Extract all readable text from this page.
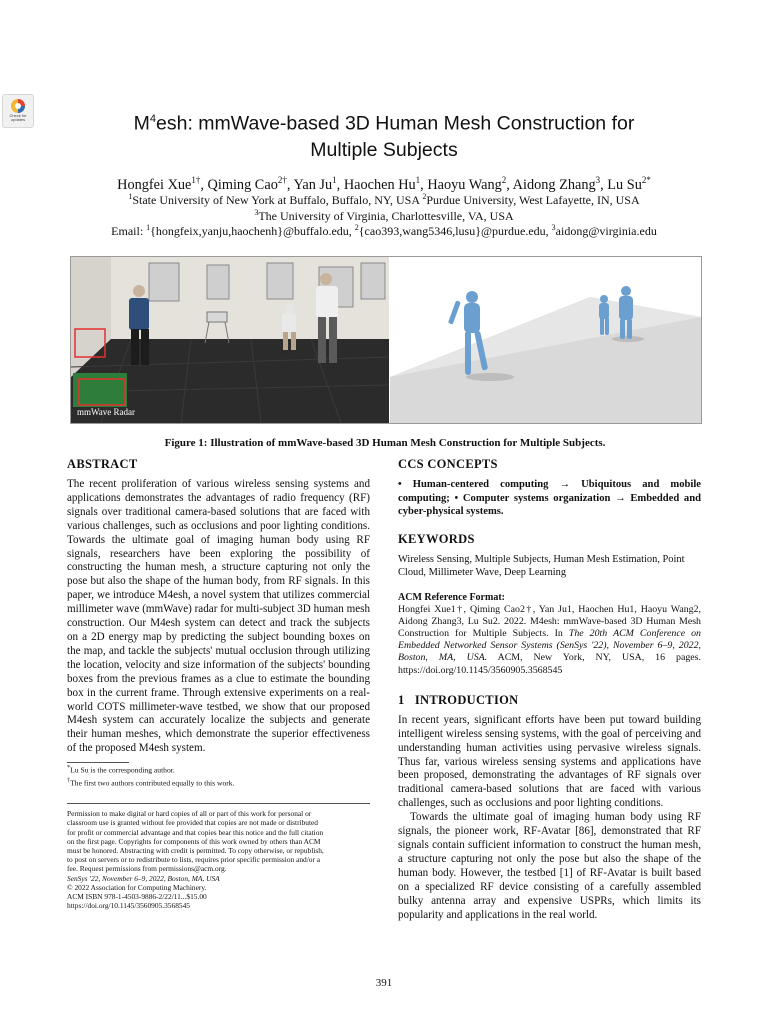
Check for
updates	$M^4esh$: mmWave-based 3D Human Mesh Construction for
Multiple Subjects
Hongfei Xue$^{1\dagger}$, Qiming Cao$^{2\dagger}$, Yan Ju$^1$, Haochen Hu$^1$, Haoyu Wang$^2$, Aidong Zhang$^3$, Lu $Su^{2*}$
$^1$State University of New York at Buffalo, Buffalo, NY, USA $^2$Purdue University, West Lafayette, IN, USA
$^3$The University of Virginia, Charlottesville, VA, USA
Email: $^1${hongfeix,yanju,haochenh}@buffalo.edu, $^2${cao393,wang5346,lusu}@purdue.edu, $^3$aidong@virginia.edu
mmWave Radar
Figure 1: Illustration of mmWave-based 3D Human Mesh Construction for Multiple Subjects.
ABSTRACT

The recent proliferation of various wireless sensing systems and applications demonstrates the advantages of radio frequency (RF) signals over traditional camera-based solutions that are faced with various challenges, such as occlusions and poor lighting conditions. Towards the ultimate goal of imaging human body using RF signals, researchers have been exploring the possibility of constructing the human mesh, a structure capturing not only the pose but also the shape of the human body, from RF signals. In this paper, we introduce M4esh, a novel system that utilizes commercial millimeter wave (mmWave) radar for multi-subject 3D human mesh construction. Our M4esh system can detect and track the subjects on a 2D energy map by predicting the subject bounding boxes on the map, and tackle the subjects' mutual occlusion through utilizing the location, velocity and size information of the subjects' bounding boxes from the previous frames as a clue to estimate the bounding box in the current frame. Through extensive experiments on a real-world COTS millimeter-wave testbed, we show that our proposed M4esh system can accurately localize the subjects and generate their human meshes, which demonstrate the superior effectiveness of the proposed M4esh system.

*Lu Su is the corresponding author.
†The first two authors contributed equally to this work.
Permission to make digital or hard copies of all or part of this work for personal or
classroom use is granted without fee provided that copies are not made or distributed
for profit or commercial advantage and that copies bear this notice and the full citation
on the first page. Copyrights for components of this work owned by others than ACM
must be honored. Abstracting with credit is permitted. To copy otherwise, or republish,
to post on servers or to redistribute to lists, requires prior specific permission and/or a
fee. Request permissions from permissions@acm.org.
SenSys '22, November 6–9, 2022, Boston, MA, USA
© 2022 Association for Computing Machinery.
ACM ISBN 978-1-4503-9886-2/22/11...$15.00
https://doi.org/10.1145/3560905.3568545
CCS CONCEPTS

• Human-centered computing → Ubiquitous and mobile computing; • Computer systems organization → Embedded and cyber-physical systems.

KEYWORDS

Wireless Sensing, Multiple Subjects, Human Mesh Estimation, Point Cloud, Millimeter Wave, Deep Learning

ACM Reference Format:

Hongfei Xue1†, Qiming Cao2†, Yan Ju1, Haochen Hu1, Haoyu Wang2, Aidong Zhang3, Lu Su2. 2022. M4esh: mmWave-based 3D Human Mesh Construction for Multiple Subjects. In The 20th ACM Conference on Embedded Networked Sensor Systems (SenSys '22), November 6–9, 2022, Boston, MA, USA. ACM, New York, NY, USA, 16 pages. https://doi.org/10.1145/3560905.3568545

1 INTRODUCTION

In recent years, significant efforts have been put toward building intelligent wireless sensing systems, with the goal of perceiving and understanding human activities using pervasive wireless signals. Thus far, various wireless sensing systems and applications have been proposed, demonstrating the advantages of RF signals over traditional camera-based solutions that are faced with various challenges, such as occlusions and poor lighting conditions.

Towards the ultimate goal of imaging human body using RF signals, the pioneer work, RF-Avatar [86], demonstrated that RF signals contain sufficient information to construct the human mesh, a structure capturing not only the pose but also the shape of the human body. However, the testbed [1] of RF-Avatar is built based on a specialized RF device consisting of a carefully assembled bulky antenna array and expensive USPRs, which limits its popularity and applications in the real world.

391
